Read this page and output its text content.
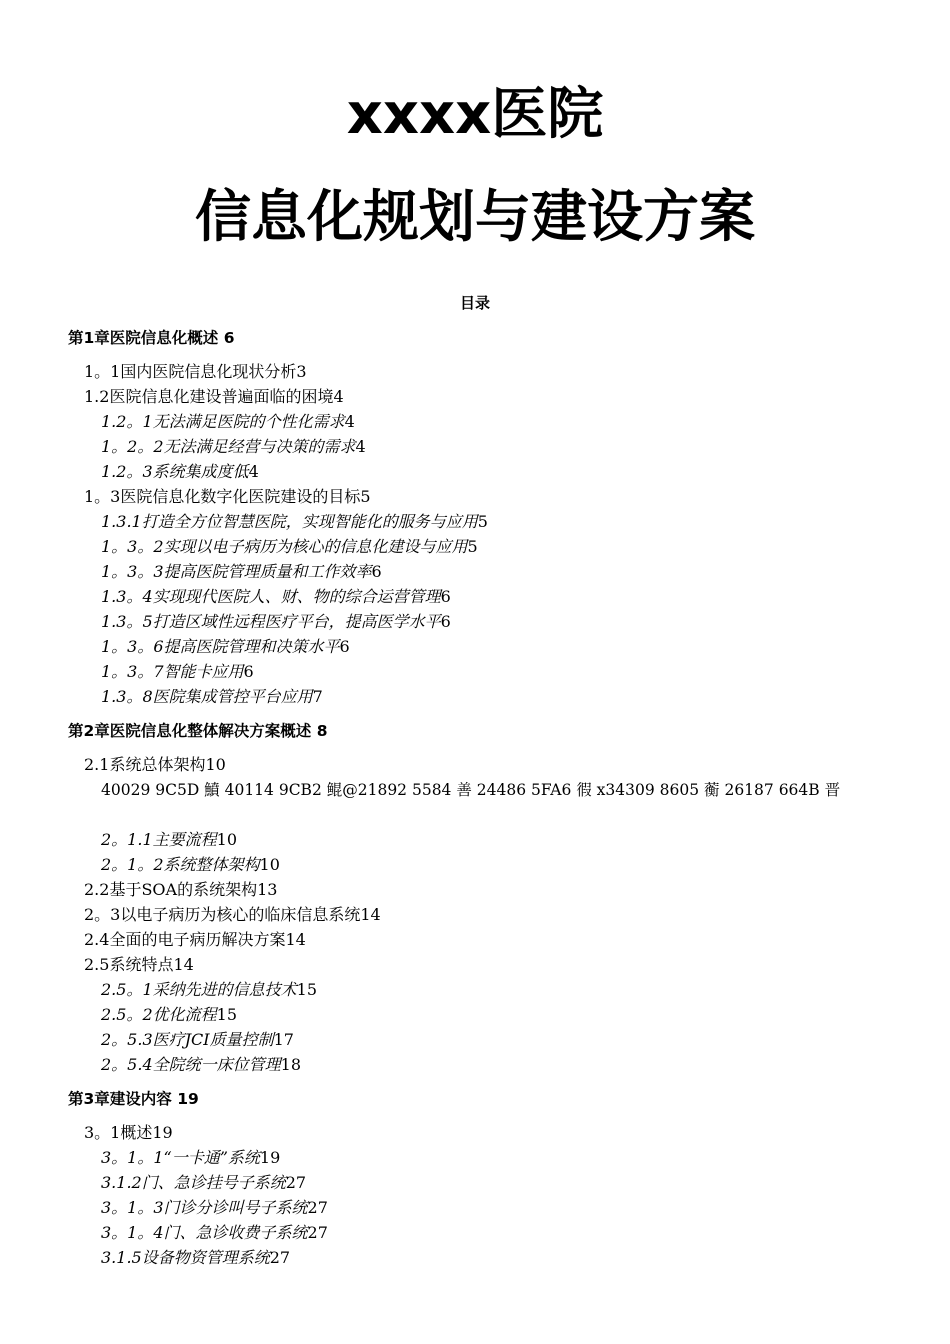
xxxx医院
信息化规划与建设方案
目录
第1章医院信息化概述 6
1。1国内医院信息化现状分析3
1.2医院信息化建设普遍面临的困境4
1.2。1无法满足医院的个性化需求4
1。2。2无法满足经营与决策的需求4
1.2。3系统集成度低4
1。3医院信息化数字化医院建设的目标5
1.3.1打造全方位智慧医院，实现智能化的服务与应用5
1。3。2实现以电子病历为核心的信息化建设与应用5
1。3。3提高医院管理质量和工作效率6
1.3。4实现现代医院人、财、物的综合运营管理6
1.3。5打造区域性远程医疗平台，提高医学水平6
1。3。6提高医院管理和决策水平6
1。3。7智能卡应用6
1.3。8医院集成管控平台应用7
第2章医院信息化整体解决方案概述 8
2.1系统总体架构10
40029 9C5D 鱝 40114 9CB2 鲲@21892 5584 善 24486 5FA6 徦 x34309 8605 蘅 26187 664B 晋
2。1.1主要流程10
2。1。2系统整体架构10
2.2基于SOA的系统架构13
2。3以电子病历为核心的临床信息系统14
2.4全面的电子病历解决方案14
2.5系统特点14
2.5。1采纳先进的信息技术15
2.5。2优化流程15
2。5.3医疗JCI质量控制17
2。5.4全院统一床位管理18
第3章建设内容 19
3。1概述19
3。1。1“一卡通”系统19
3.1.2门、急诊挂号子系统27
3。1。3门诊分诊叫号子系统27
3。1。4门、急诊收费子系统27
3.1.5设备物资管理系统27
